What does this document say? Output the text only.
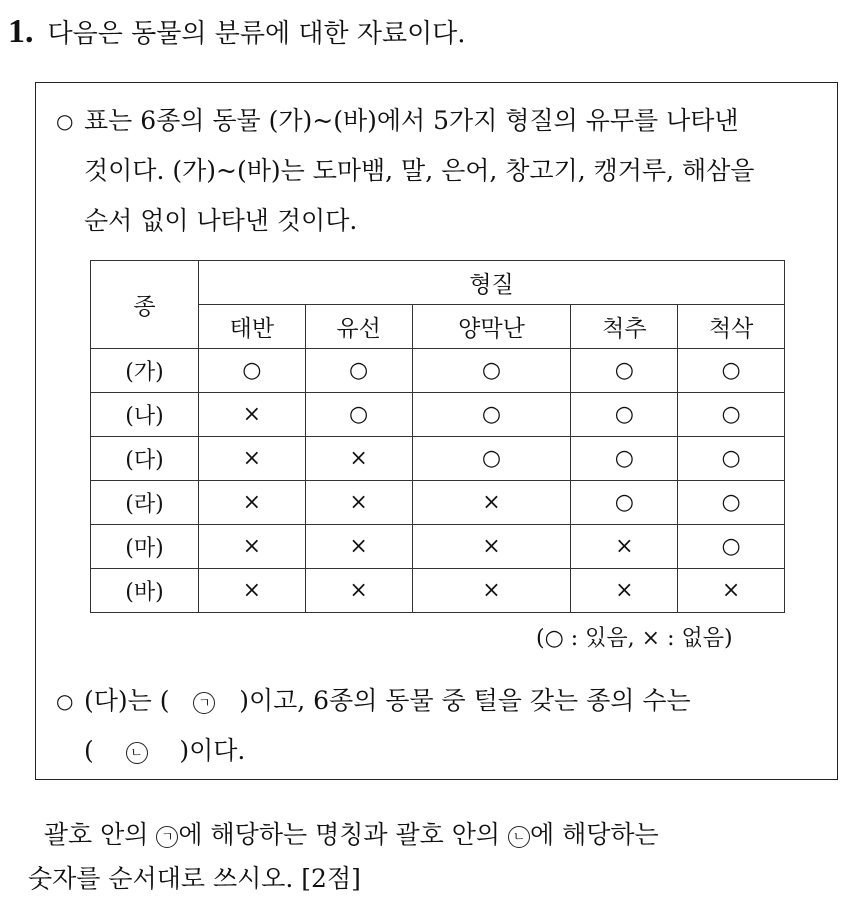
1. 다음은 동물의 분류에 대한 자료이다.
○ 표는 6종의 동물 (가)~(바)에서 5가지 형질의 유무를 나타낸
것이다. (가)~(바)는 도마뱀, 말, 은어, 창고기, 캥거루, 해삼을
순서 없이 나타낸 것이다.
종	형질				
	태반	유선	양막난	척추	척삭
(가)	○	○	○	○	○
(나)	×	○	○	○	○
(다)	×	×	○	○	○
(라)	×	×	×	○	○
(마)	×	×	×	×	○
(바)	×	×	×	×	×
(○ : 있음, × : 없음)
○ (다)는 ( ㄱ )이고, 6종의 동물 중 털을 갖는 종의 수는
(	ㄴ )이다.
괄호 안의 ㄱ 에 해당하는 명칭과 괄호 안의 ㄴ 에 해당하는
숫자를 순서대로 쓰시오. [2점]
